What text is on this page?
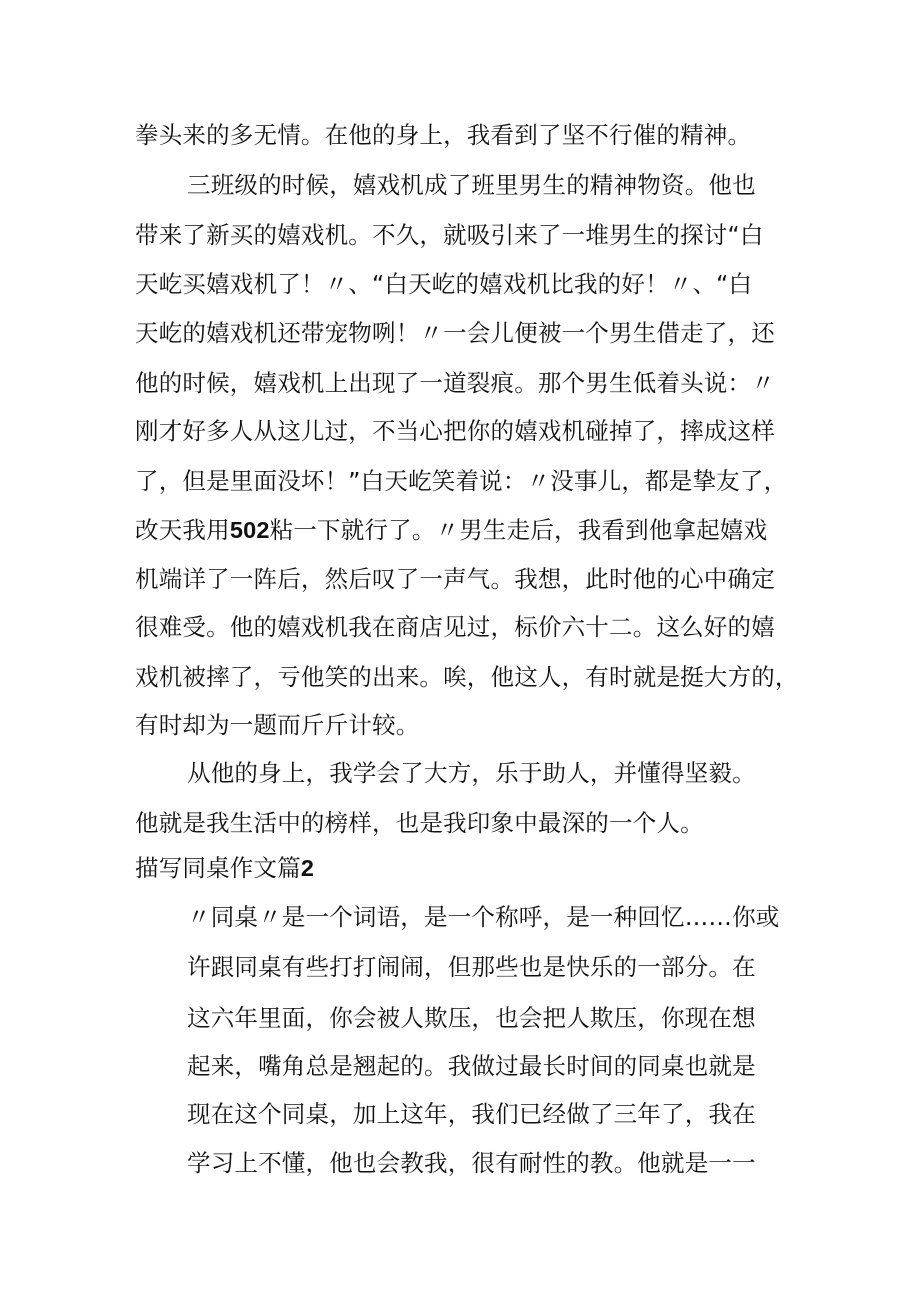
拳头来的多无情。在他的身上，我看到了坚不行催的精神。
三班级的时候，嬉戏机成了班里男生的精神物资。他也
带来了新买的嬉戏机。不久，就吸引来了一堆男生的探讨“白
天屹买嬉戏机了！〃、“白天屹的嬉戏机比我的好！〃、“白
天屹的嬉戏机还带宠物咧！〃一会儿便被一个男生借走了，还
他的时候，嬉戏机上出现了一道裂痕。那个男生低着头说：〃
刚才好多人从这儿过，不当心把你的嬉戏机碰掉了，摔成这样
了，但是里面没坏！”白天屹笑着说：〃没事儿，都是挚友了，
改天我用502粘一下就行了。〃男生走后，我看到他拿起嬉戏
机端详了一阵后，然后叹了一声气。我想，此时他的心中确定
很难受。他的嬉戏机我在商店见过，标价六十二。这么好的嬉
戏机被摔了，亏他笑的出来。唉，他这人，有时就是挺大方的，
有时却为一题而斤斤计较。
从他的身上，我学会了大方，乐于助人，并懂得坚毅。
他就是我生活中的榜样，也是我印象中最深的一个人。
描写同桌作文篇2
〃同桌〃是一个词语，是一个称呼，是一种回忆……你或
许跟同桌有些打打闹闹，但那些也是快乐的一部分。在
这六年里面，你会被人欺压，也会把人欺压，你现在想
起来，嘴角总是翘起的。我做过最长时间的同桌也就是
现在这个同桌，加上这年，我们已经做了三年了，我在
学习上不懂，他也会教我，很有耐性的教。他就是一一
